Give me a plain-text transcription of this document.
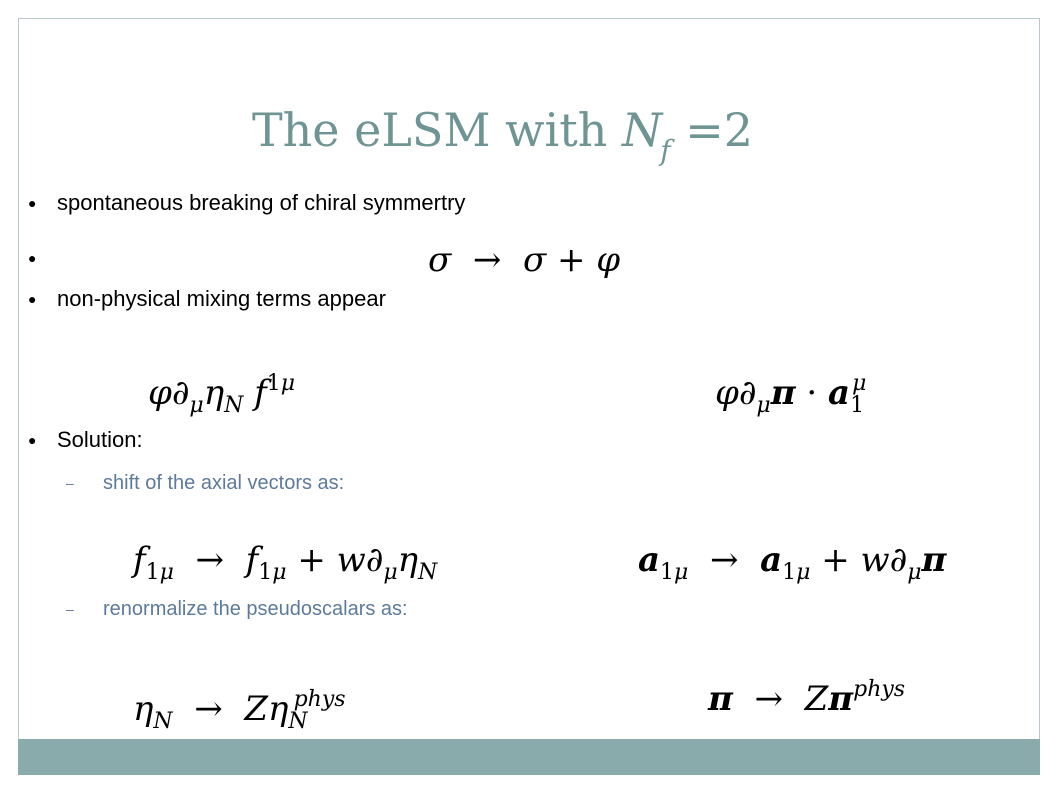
The eLSM with $N_f =2$
● spontaneous breaking of chiral symmertry
●	σ  →  σ + φ
● non-physical mixing terms appear
$\varphi\partial_\mu\eta_N$ $f^{1\mu}$	$\varphi\partial_\mu\pi \cdot a_1^\mu$
● Solution:
– shift of the axial vectors as:
$f_{1\mu} \to f_{1\mu} + w\partial_\mu\eta_N$	$a_{1\mu} \to a_{1\mu} + w\partial_\mu\pi$
– renormalize the pseudoscalars as:
$\eta_N \to Z\eta_N^{phys}$	$\pi \to Z\pi^{phys}$
